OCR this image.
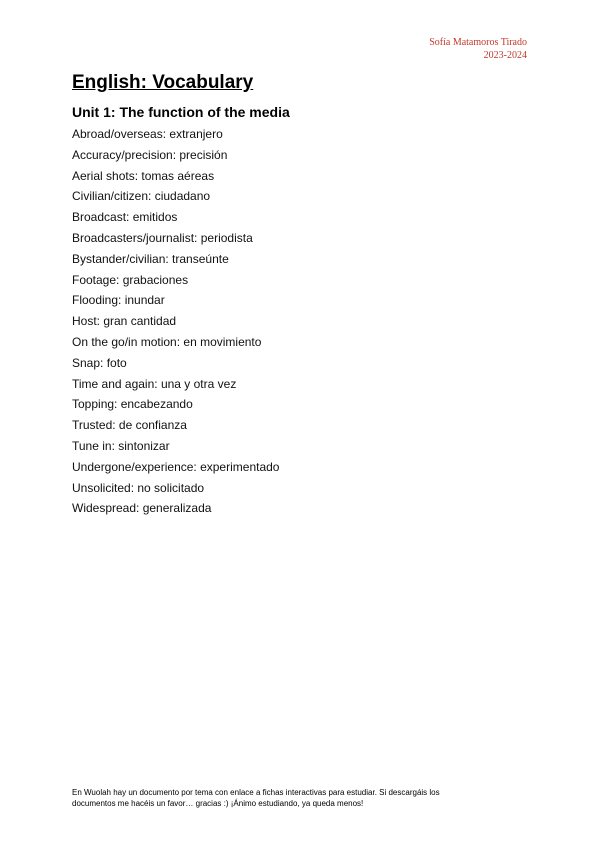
Sofía Matamoros Tirado
2023-2024
English: Vocabulary
Unit 1: The function of the media
Abroad/overseas: extranjero
Accuracy/precision: precisión
Aerial shots: tomas aéreas
Civilian/citizen: ciudadano
Broadcast: emitidos
Broadcasters/journalist: periodista
Bystander/civilian: transeúnte
Footage: grabaciones
Flooding: inundar
Host: gran cantidad
On the go/in motion: en movimiento
Snap: foto
Time and again: una y otra vez
Topping: encabezando
Trusted: de confianza
Tune in: sintonizar
Undergone/experience: experimentado
Unsolicited: no solicitado
Widespread: generalizada
En Wuolah hay un documento por tema con enlace a fichas interactivas para estudiar. Si descargáis los
documentos me hacéis un favor… gracias :) ¡Ánimo estudiando, ya queda menos!
